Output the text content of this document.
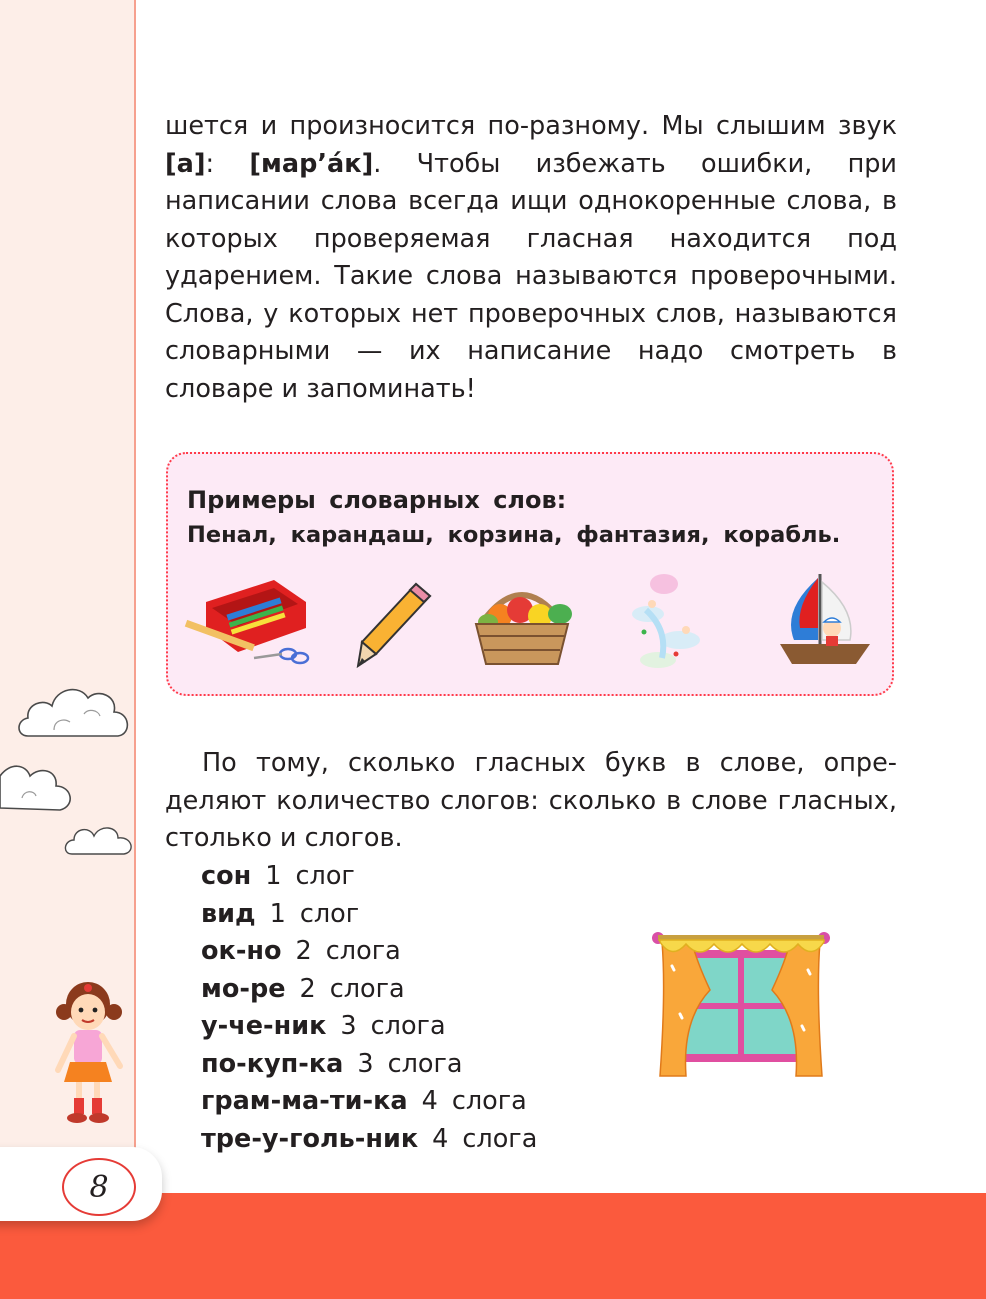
шется и произносится по-разному. Мы слышим звук [а]: [мар’áк]. Чтобы избежать ошибки, при написании слова всегда ищи однокоренные слова, в которых проверяемая гласная находится под ударением. Такие слова называются проверочными. Слова, у которых нет проверочных слов, называются словарными — их написание надо смотреть в словаре и запоминать!

Примеры словарных слов:

Пенал, карандаш, корзина, фантазия, корабль.

По тому, сколько гласных букв в слове, определяют количество слогов: сколько в слове гласных, столько и слогов.

сон 1 слог
вид 1 слог
ок-но 2 слога
мо-ре 2 слога
у-че-ник 3 слога
по-куп-ка 3 слога
грам-ма-ти-ка 4 слога
тре-у-голь-ник 4 слога
8
